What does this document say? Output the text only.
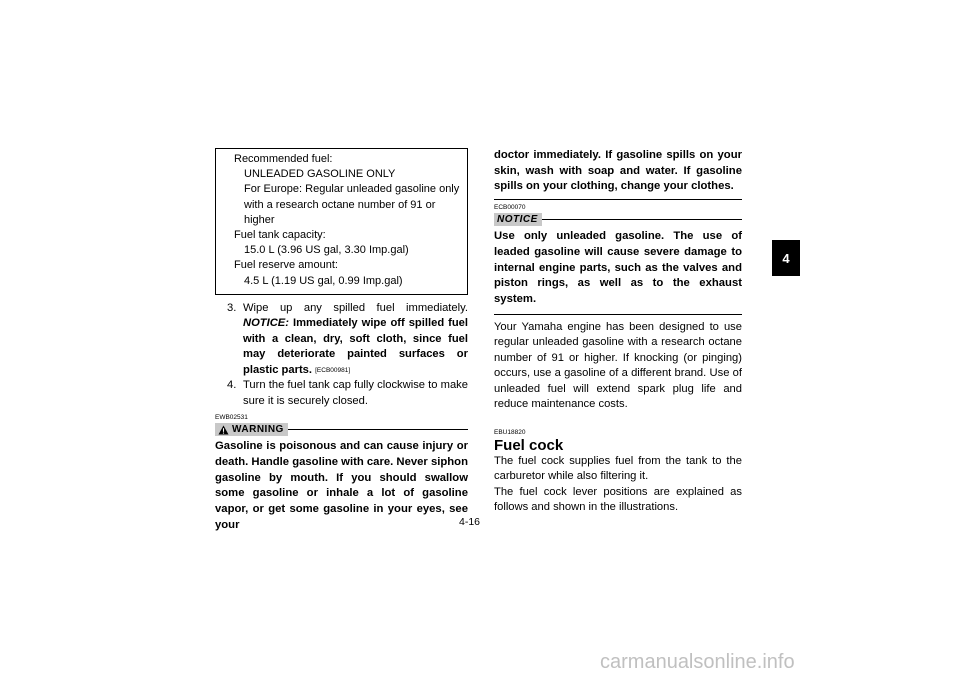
Recommended fuel:
UNLEADED GASOLINE ONLY
For Europe: Regular unleaded gasoline only with a research octane number of 91 or higher
Fuel tank capacity:
15.0 L (3.96 US gal, 3.30 Imp.gal)
Fuel reserve amount:
4.5 L (1.19 US gal, 0.99 Imp.gal)
3. Wipe up any spilled fuel immediately. NOTICE: Immediately wipe off spilled fuel with a clean, dry, soft cloth, since fuel may deteriorate painted surfaces or plastic parts. [ECB00981]
4. Turn the fuel tank cap fully clockwise to make sure it is securely closed.
EWB02531
WARNING
Gasoline is poisonous and can cause injury or death. Handle gasoline with care. Never siphon gasoline by mouth. If you should swallow some gasoline or inhale a lot of gasoline vapor, or get some gasoline in your eyes, see your
doctor immediately. If gasoline spills on your skin, wash with soap and water. If gasoline spills on your clothing, change your clothes.
ECB00070
NOTICE
Use only unleaded gasoline. The use of leaded gasoline will cause severe damage to internal engine parts, such as the valves and piston rings, as well as to the exhaust system.
Your Yamaha engine has been designed to use regular unleaded gasoline with a research octane number of 91 or higher. If knocking (or pinging) occurs, use a gasoline of a different brand. Use of unleaded fuel will extend spark plug life and reduce maintenance costs.
EBU18820
Fuel cock
The fuel cock supplies fuel from the tank to the carburetor while also filtering it.
The fuel cock lever positions are explained as follows and shown in the illustrations.
4
4-16
carmanualsonline.info
